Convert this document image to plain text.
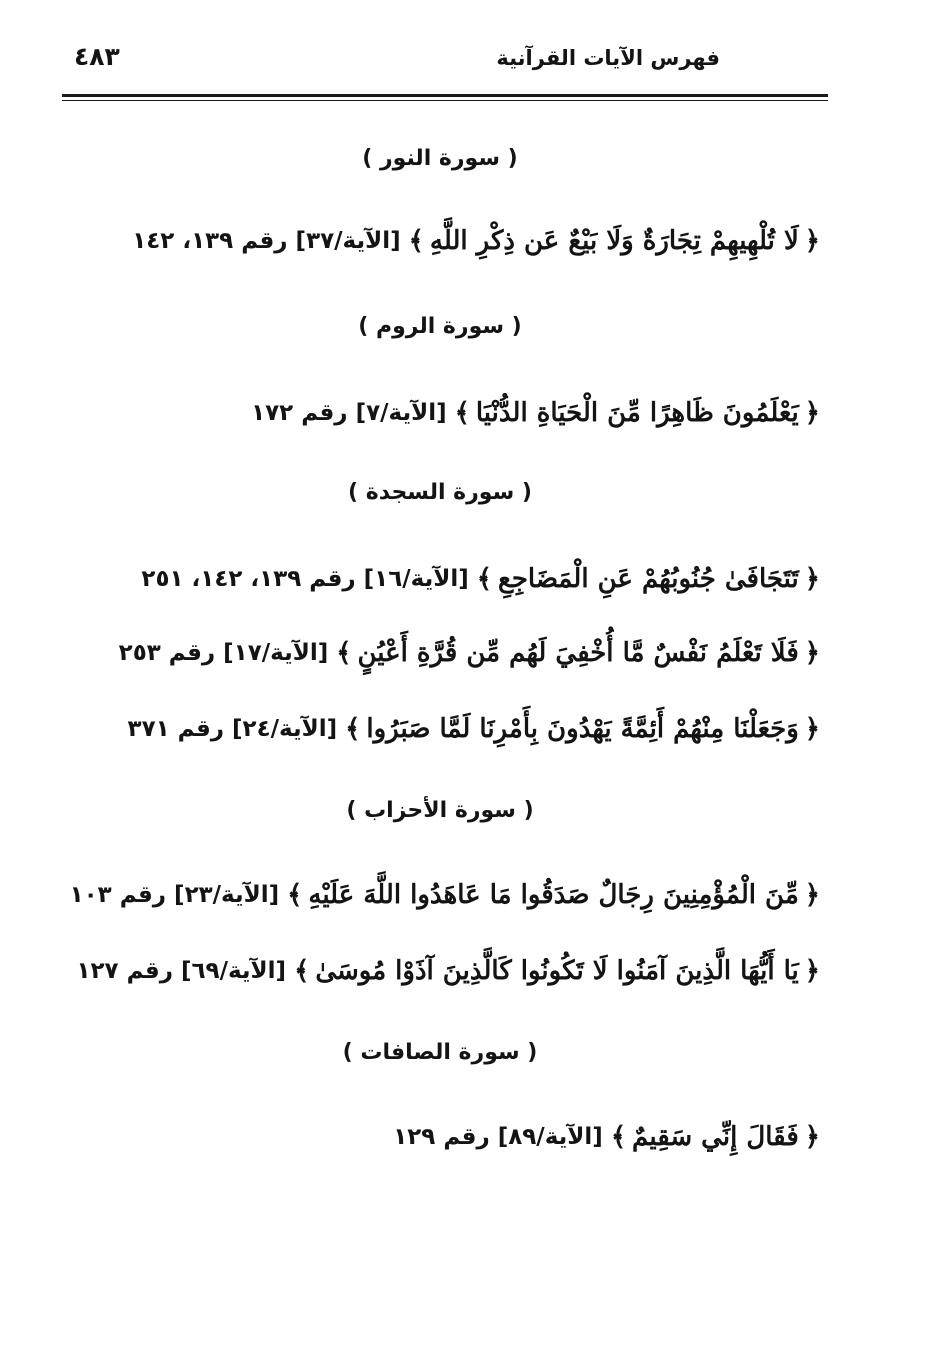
٤٨٣	فهرس الآيات القرآنية
( سورة النور )
﴿
لَا تُلْهِيهِمْ تِجَارَةٌ وَلَا بَيْعٌ عَن ذِكْرِ اللَّهِ
﴾
[الآية/٣٧]
رقم ١٣٩، ١٤٢
( سورة الروم )
﴿
يَعْلَمُونَ ظَاهِرًا مِّنَ الْحَيَاةِ الدُّنْيَا
﴾
[الآية/٧]
رقم ١٧٢
( سورة السجدة )
﴿
تَتَجَافَىٰ جُنُوبُهُمْ عَنِ الْمَضَاجِعِ
﴾
[الآية/١٦]
رقم ١٣٩، ١٤٢، ٢٥١
﴿
فَلَا تَعْلَمُ نَفْسٌ مَّا أُخْفِيَ لَهُم مِّن قُرَّةِ أَعْيُنٍ
﴾
[الآية/١٧]
رقم ٢٥٣
﴿
وَجَعَلْنَا مِنْهُمْ أَئِمَّةً يَهْدُونَ بِأَمْرِنَا لَمَّا صَبَرُوا
﴾
[الآية/٢٤]
رقم ٣٧١
( سورة الأحزاب )
﴿
مِّنَ الْمُؤْمِنِينَ رِجَالٌ صَدَقُوا مَا عَاهَدُوا اللَّهَ عَلَيْهِ
﴾
[الآية/٢٣]
رقم ١٠٣
﴿
يَا أَيُّهَا الَّذِينَ آمَنُوا لَا تَكُونُوا كَالَّذِينَ آذَوْا مُوسَىٰ
﴾
[الآية/٦٩]
رقم ١٢٧
( سورة الصافات )
﴿
فَقَالَ إِنِّي سَقِيمٌ
﴾
[الآية/٨٩]
رقم ١٢٩
